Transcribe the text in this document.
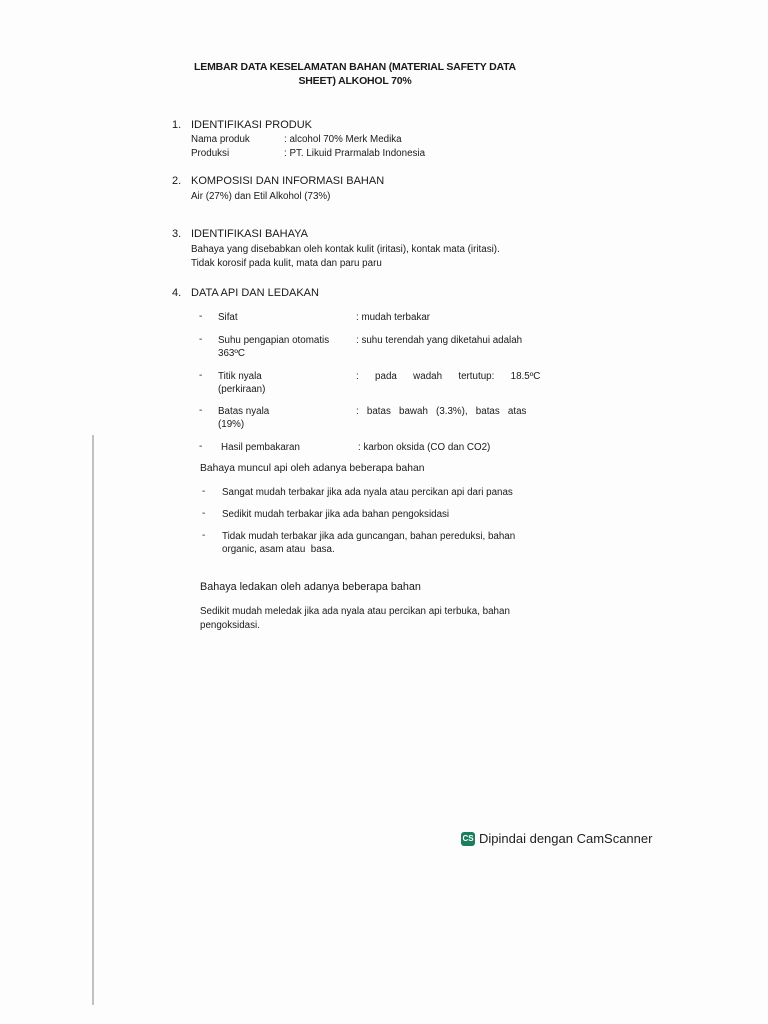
LEMBAR DATA KESELAMATAN BAHAN (MATERIAL SAFETY DATA
SHEET) ALKOHOL 70%
1. IDENTIFIKASI PRODUK
Nama produk	: alcohol 70% Merk Medika
Produksi	: PT. Likuid Prarmalab Indonesia
2. KOMPOSISI DAN INFORMASI BAHAN
Air (27%) dan Etil Alkohol (73%)
3. IDENTIFIKASI BAHAYA
Bahaya yang disebabkan oleh kontak kulit (iritasi), kontak mata (iritasi).
Tidak korosif pada kulit, mata dan paru paru
4. DATA API DAN LEDAKAN
- Sifat	: mudah terbakar
- Suhu pengapian otomatis
363ºC
: suhu terendah yang diketahui adalah
- Titik nyala
(perkiraan)
:      pada      wadah      tertutup:      18.5ºC
- Batas nyala
(19%)
:   batas   bawah   (3.3%),   batas   atas
- Hasil pembakaran	: karbon oksida (CO dan CO2)
Bahaya muncul api oleh adanya beberapa bahan
- Sangat mudah terbakar jika ada nyala atau percikan api dari panas
- Sedikit mudah terbakar jika ada bahan pengoksidasi
- Tidak mudah terbakar jika ada guncangan, bahan pereduksi, bahan
organic, asam atau  basa.
Bahaya ledakan oleh adanya beberapa bahan
Sedikit mudah meledak jika ada nyala atau percikan api terbuka, bahan
pengoksidasi.
CS Dipindai dengan CamScanner
